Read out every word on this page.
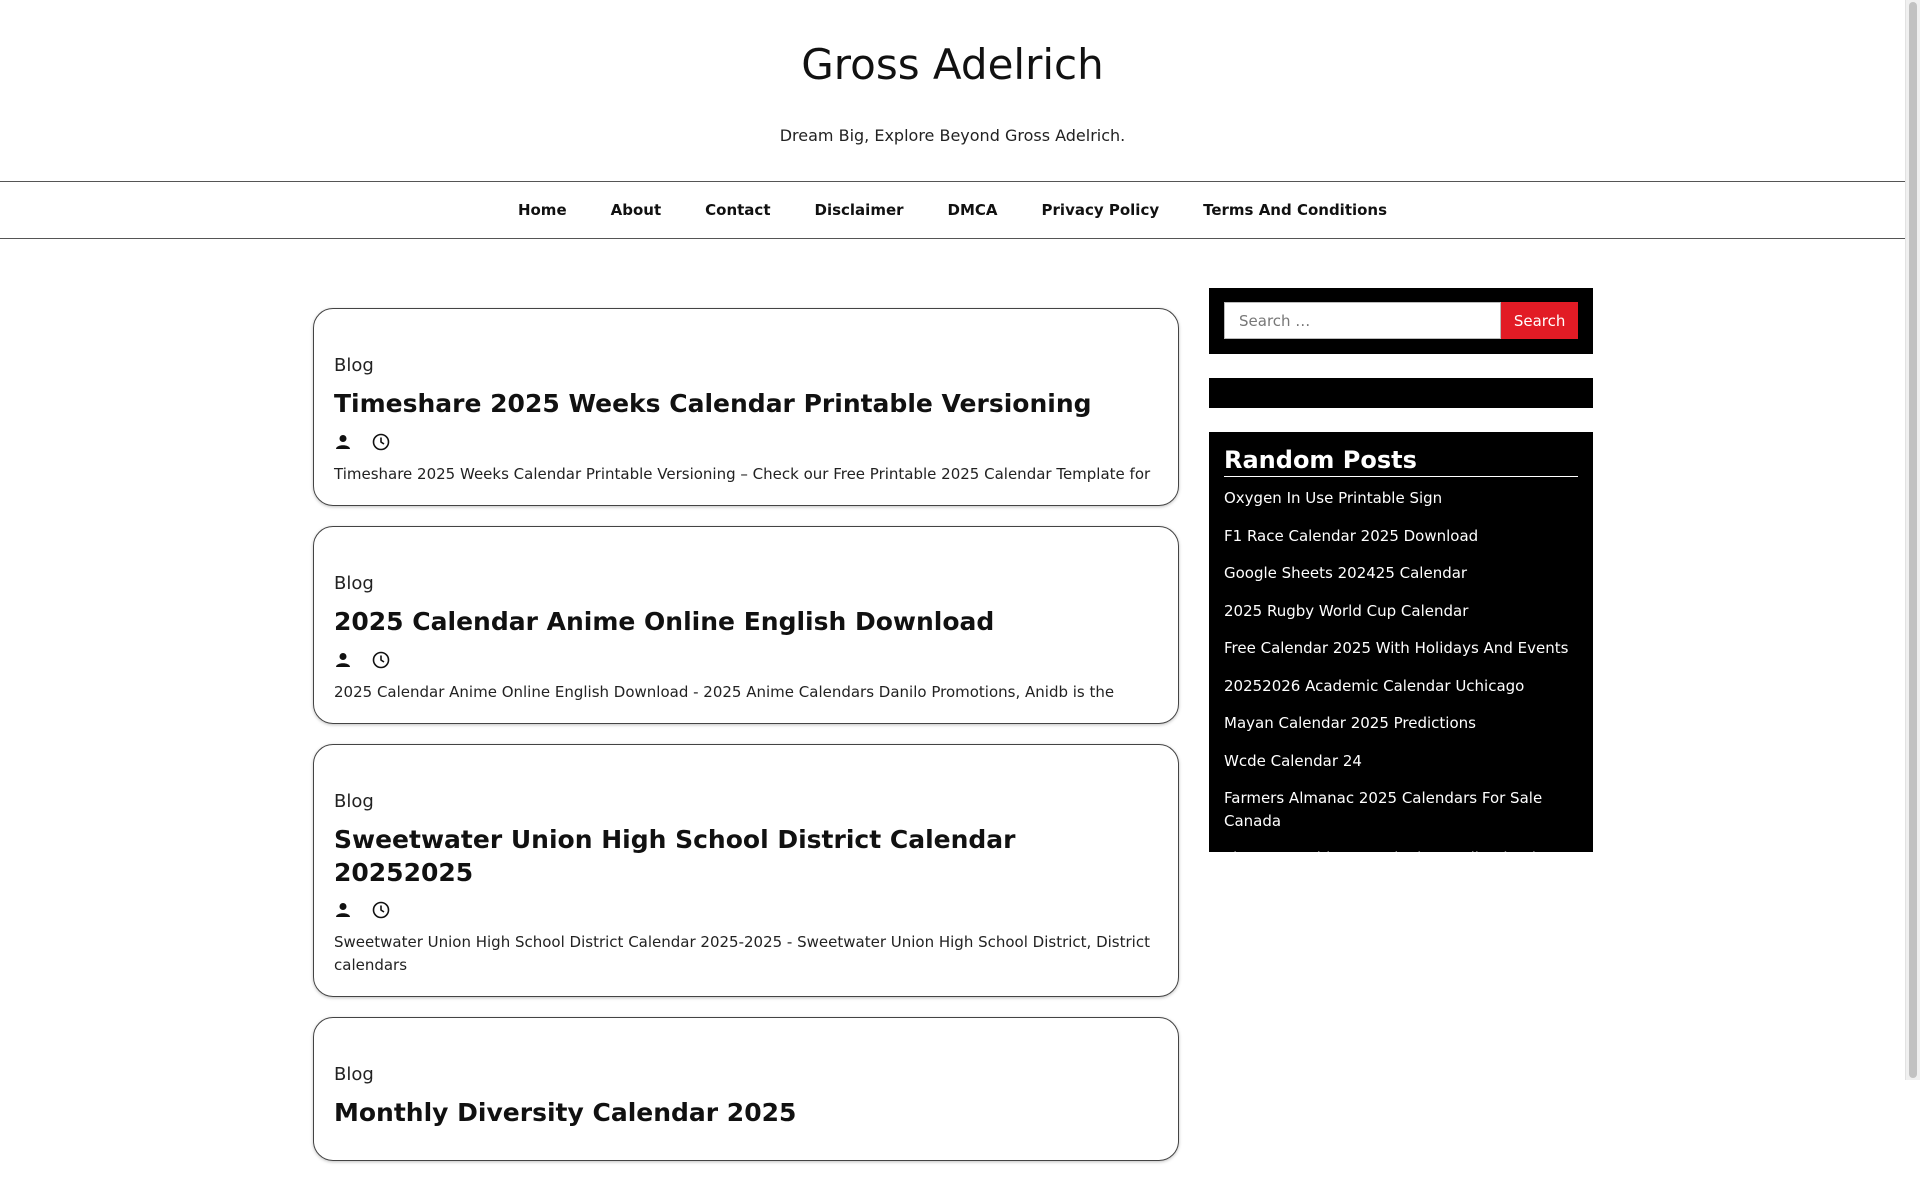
Gross Adelrich

Dream Big, Explore Beyond Gross Adelrich.

Home	About	Contact	Disclaimer	DMCA	Privacy Policy	Terms And Conditions
Blog
Timeshare 2025 Weeks Calendar Printable Versioning

Timeshare 2025 Weeks Calendar Printable Versioning – Check our Free Printable 2025 Calendar Template for

Blog
2025 Calendar Anime Online English Download

2025 Calendar Anime Online English Download - 2025 Anime Calendars Danilo Promotions, Anidb is the

Blog
Sweetwater Union High School District Calendar 20252025

Sweetwater Union High School District Calendar 2025-2025 - Sweetwater Union High School District, District calendars

Blog
Monthly Diversity Calendar 2025
Search …	Search
Random Posts
Oxygen In Use Printable Sign
F1 Race Calendar 2025 Download
Google Sheets 202425 Calendar
2025 Rugby World Cup Calendar
Free Calendar 2025 With Holidays And Events
20252026 Academic Calendar Uchicago
Mayan Calendar 2025 Predictions
Wcde Calendar 24
Farmers Almanac 2025 Calendars For Sale Canada
The Courtauld Impressionists Wall Calendar 2025
Monthly Calendar 2025 Design
Japanese Art Calendar 2025
Calendar December 2025 Pdf Free Download
Taxes Refund Calendar 2025 Irs
October 2025 Calendar Fillable
